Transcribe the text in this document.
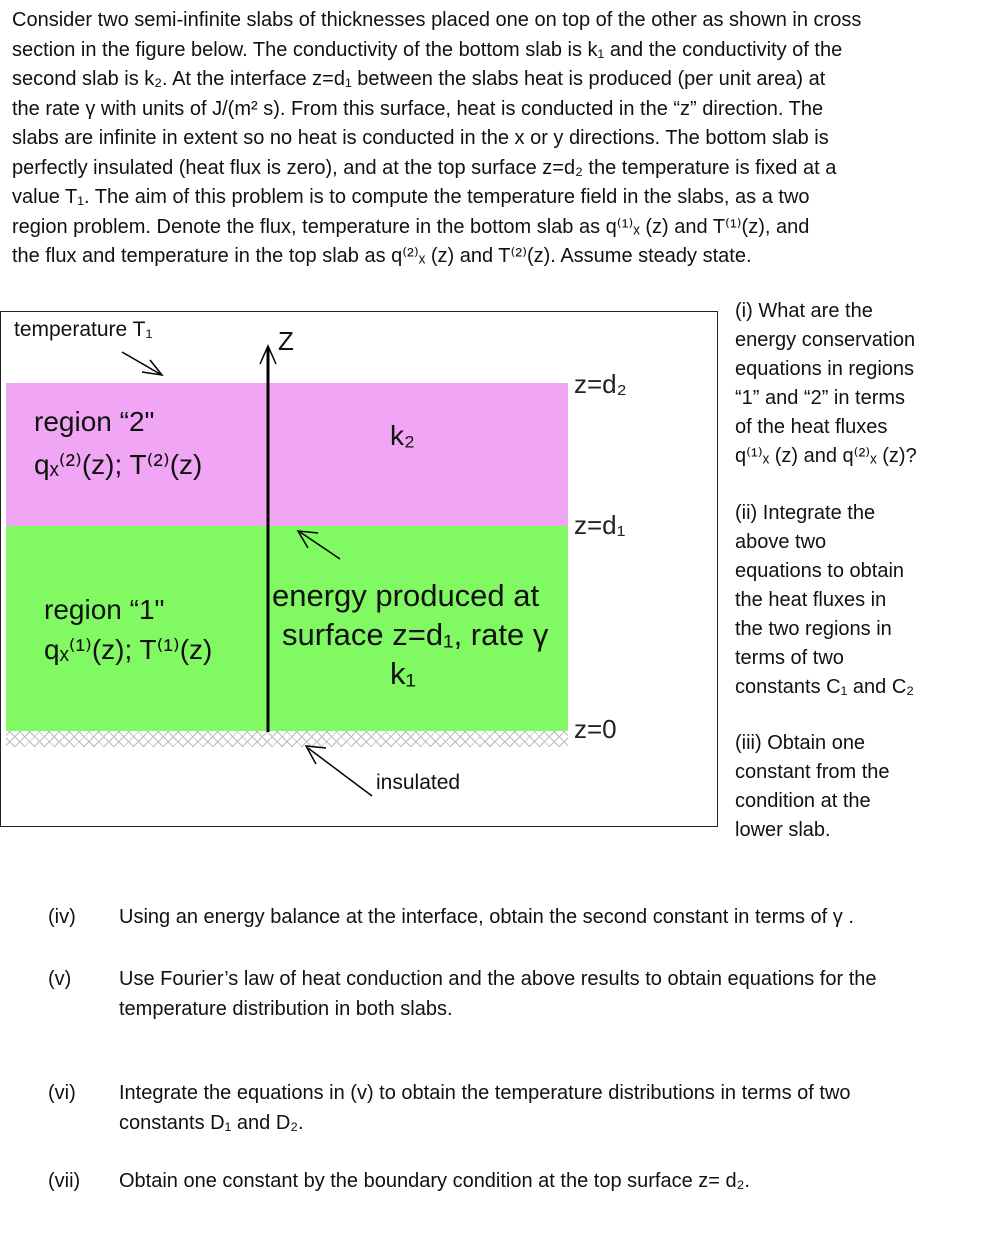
Consider two semi-infinite slabs of thicknesses placed one on top of the other as shown in cross

section in the figure below. The conductivity of the bottom slab is k₁ and the conductivity of the

second slab is k₂. At the interface z=d₁ between the slabs heat is produced (per unit area) at

the rate γ with units of J/(m² s). From this surface, heat is conducted in the “z” direction. The

slabs are infinite in extent so no heat is conducted in the x or y directions. The bottom slab is

perfectly insulated (heat flux is zero), and at the top surface z=d₂ the temperature is fixed at a

value T₁. The aim of this problem is to compute the temperature field in the slabs, as a two

region problem. Denote the flux, temperature in the bottom slab as q⁽¹⁾ₓ (z) and T⁽¹⁾(z), and

the flux and temperature in the top slab as q⁽²⁾ₓ (z) and T⁽²⁾(z). Assume steady state.

temperature T₁	Z
z=d₂
z=d₁
z=0
region “2"
qₓ⁽²⁾(z); T⁽²⁾(z)
k₂
region “1"
qₓ⁽¹⁾(z); T⁽¹⁾(z)
energy produced at
surface z=d₁, rate γ
k₁
insulated

(i) What are the

energy conservation

equations in regions

“1” and “2” in terms

of the heat fluxes

q⁽¹⁾ₓ (z) and q⁽²⁾ₓ (z)?

(ii) Integrate the

above two

equations to obtain

the heat fluxes in

the two regions in

terms of two

constants C₁ and C₂

(iii) Obtain one

constant from the

condition at the

lower slab.

(iv) Using an energy balance at the interface, obtain the second constant in terms of γ .
(v) Use Fourier’s law of heat conduction and the above results to obtain equations for the temperature distribution in both slabs.
(vi) Integrate the equations in (v) to obtain the temperature distributions in terms of two constants D₁ and D₂.
(vii) Obtain one constant by the boundary condition at the top surface z= d₂.
